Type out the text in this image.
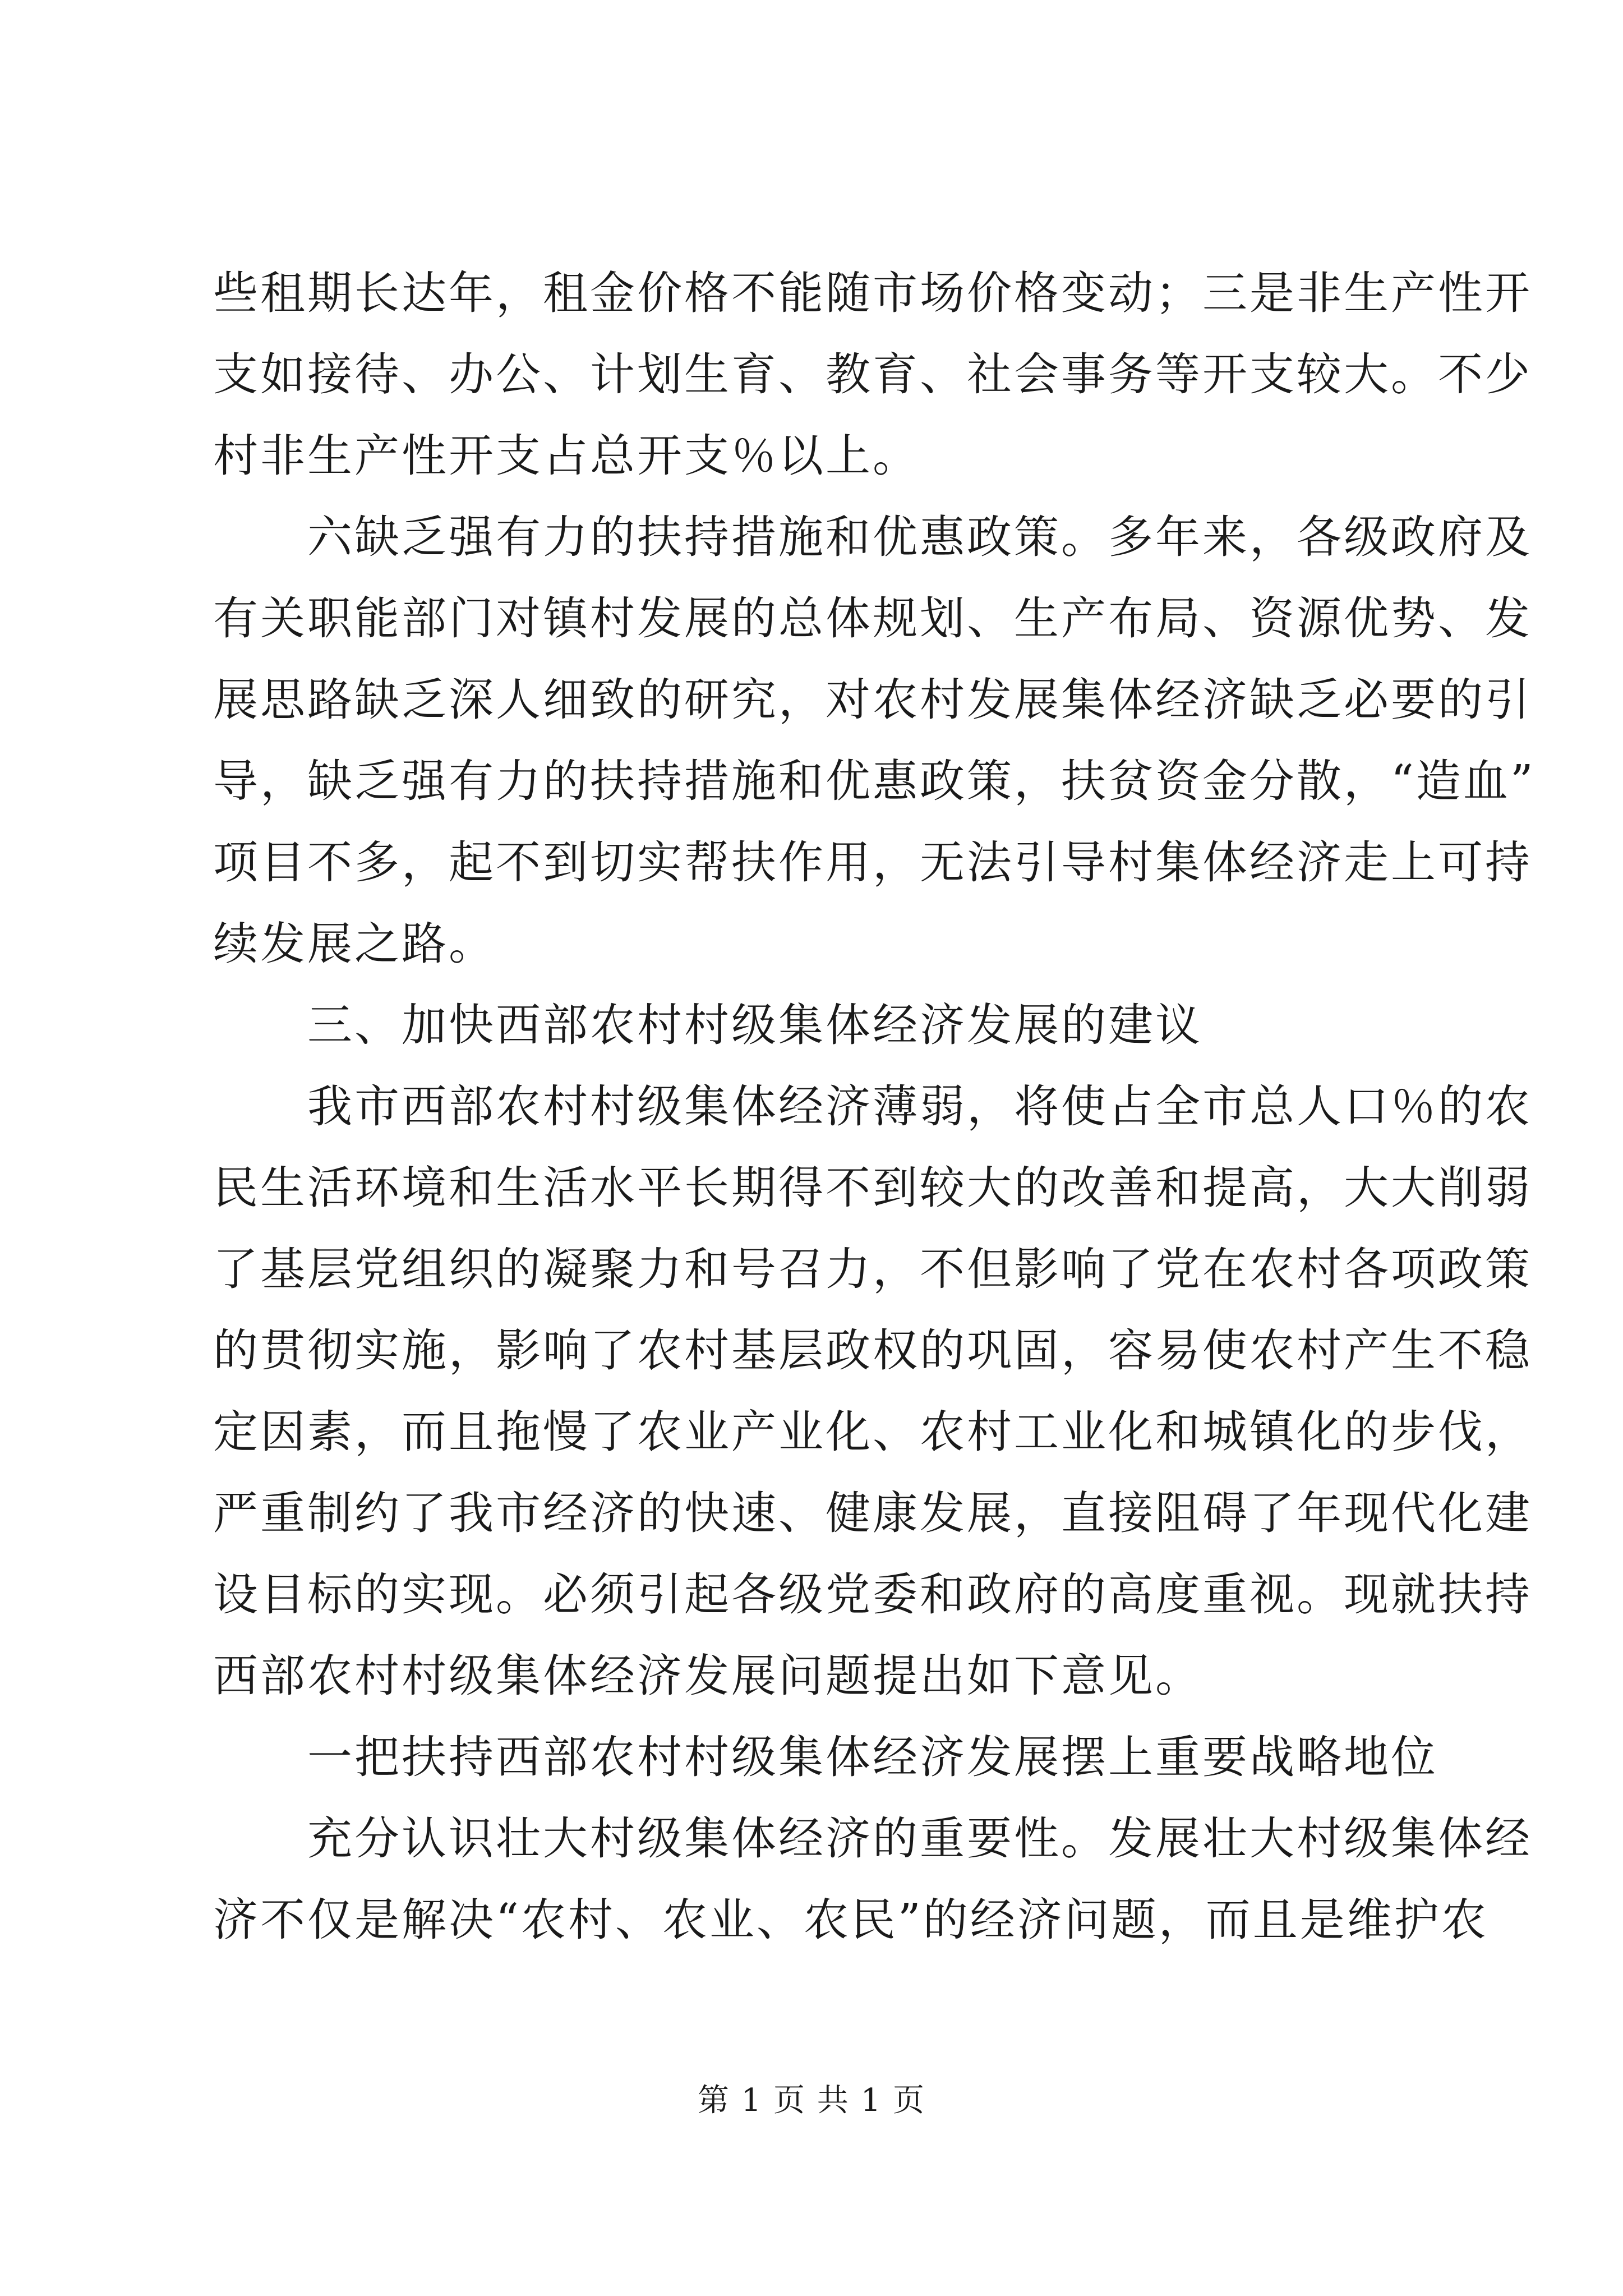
些租期长达年，租金价格不能随市场价格变动；三是非生产性开
支如接待、办公、计划生育、教育、社会事务等开支较大。不少
村非生产性开支占总开支％以上。
六缺乏强有力的扶持措施和优惠政策。多年来，各级政府及
有关职能部门对镇村发展的总体规划、生产布局、资源优势、发
展思路缺乏深人细致的研究，对农村发展集体经济缺乏必要的引
导，缺乏强有力的扶持措施和优惠政策，扶贫资金分散，“造血”
项目不多，起不到切实帮扶作用，无法引导村集体经济走上可持
续发展之路。
三、加快西部农村村级集体经济发展的建议
我市西部农村村级集体经济薄弱，将使占全市总人口％的农
民生活环境和生活水平长期得不到较大的改善和提高，大大削弱
了基层党组织的凝聚力和号召力，不但影响了党在农村各项政策
的贯彻实施，影响了农村基层政权的巩固，容易使农村产生不稳
定因素，而且拖慢了农业产业化、农村工业化和城镇化的步伐，
严重制约了我市经济的快速、健康发展，直接阻碍了年现代化建
设目标的实现。必须引起各级党委和政府的高度重视。现就扶持
西部农村村级集体经济发展问题提出如下意见。
一把扶持西部农村村级集体经济发展摆上重要战略地位
充分认识壮大村级集体经济的重要性。发展壮大村级集体经
济不仅是解决“农村、农业、农民”的经济问题，而且是维护农
第 1 页 共 1 页
